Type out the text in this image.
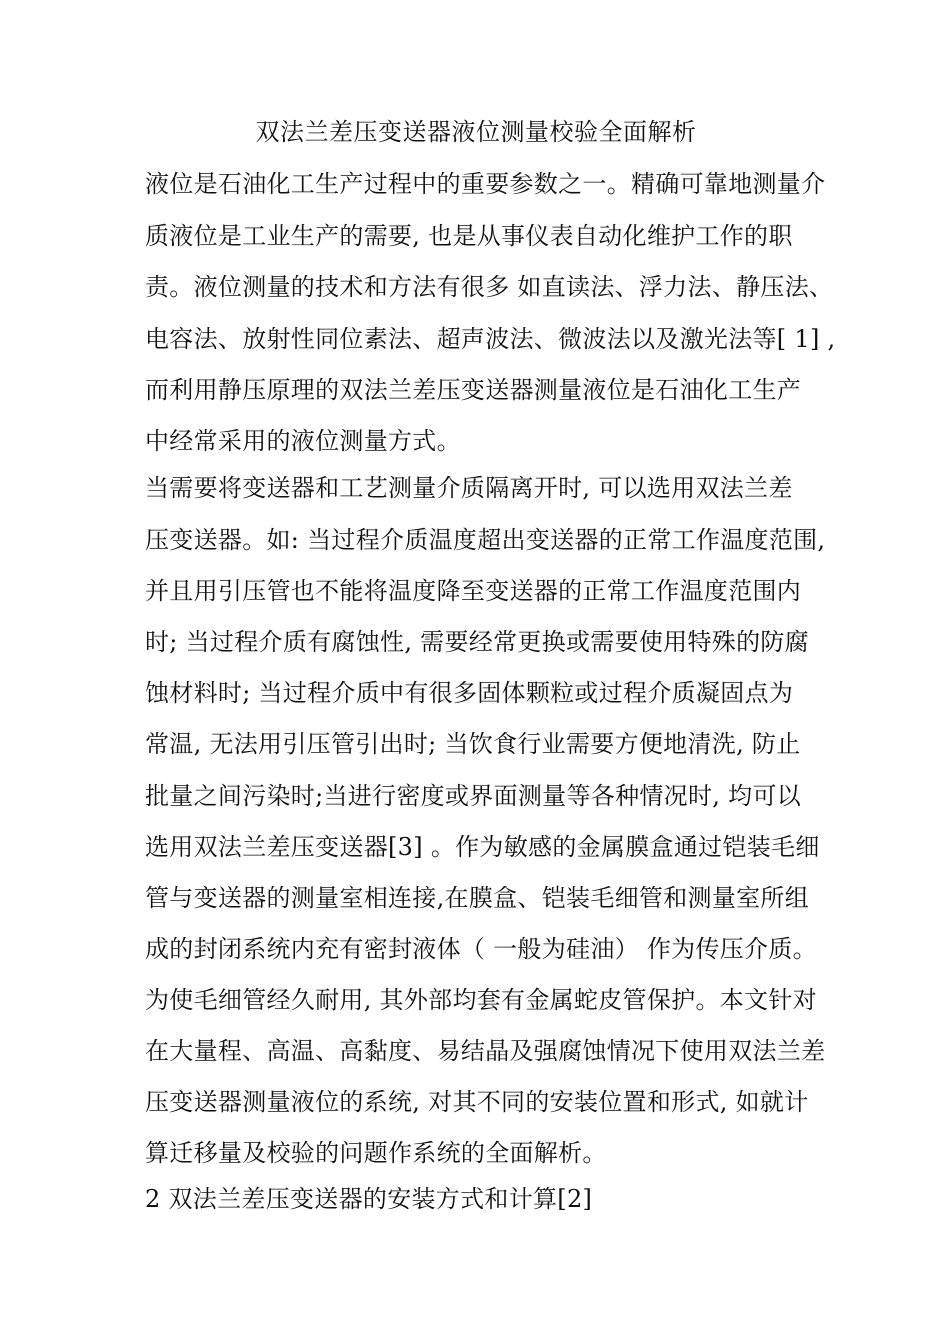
双法兰差压变送器液位测量校验全面解析
液位是石油化工生产过程中的重要参数之一。精确可靠地测量介
质液位是工业生产的需要, 也是从事仪表自动化维护工作的职
责。液位测量的技术和方法有很多 如直读法、浮力法、静压法、
电容法、放射性同位素法、超声波法、微波法以及激光法等[ 1] ,
而利用静压原理的双法兰差压变送器测量液位是石油化工生产
中经常采用的液位测量方式。
当需要将变送器和工艺测量介质隔离开时, 可以选用双法兰差
压变送器。如: 当过程介质温度超出变送器的正常工作温度范围,
并且用引压管也不能将温度降至变送器的正常工作温度范围内
时; 当过程介质有腐蚀性, 需要经常更换或需要使用特殊的防腐
蚀材料时; 当过程介质中有很多固体颗粒或过程介质凝固点为
常温, 无法用引压管引出时; 当饮食行业需要方便地清洗, 防止
批量之间污染时;当进行密度或界面测量等各种情况时, 均可以
选用双法兰差压变送器[3] 。作为敏感的金属膜盒通过铠装毛细
管与变送器的测量室相连接,在膜盒、铠装毛细管和测量室所组
成的封闭系统内充有密封液体（ 一般为硅油） 作为传压介质。
为使毛细管经久耐用, 其外部均套有金属蛇皮管保护。本文针对
在大量程、高温、高黏度、易结晶及强腐蚀情况下使用双法兰差
压变送器测量液位的系统, 对其不同的安装位置和形式, 如就计
算迁移量及校验的问题作系统的全面解析。
2 双法兰差压变送器的安装方式和计算[2]
